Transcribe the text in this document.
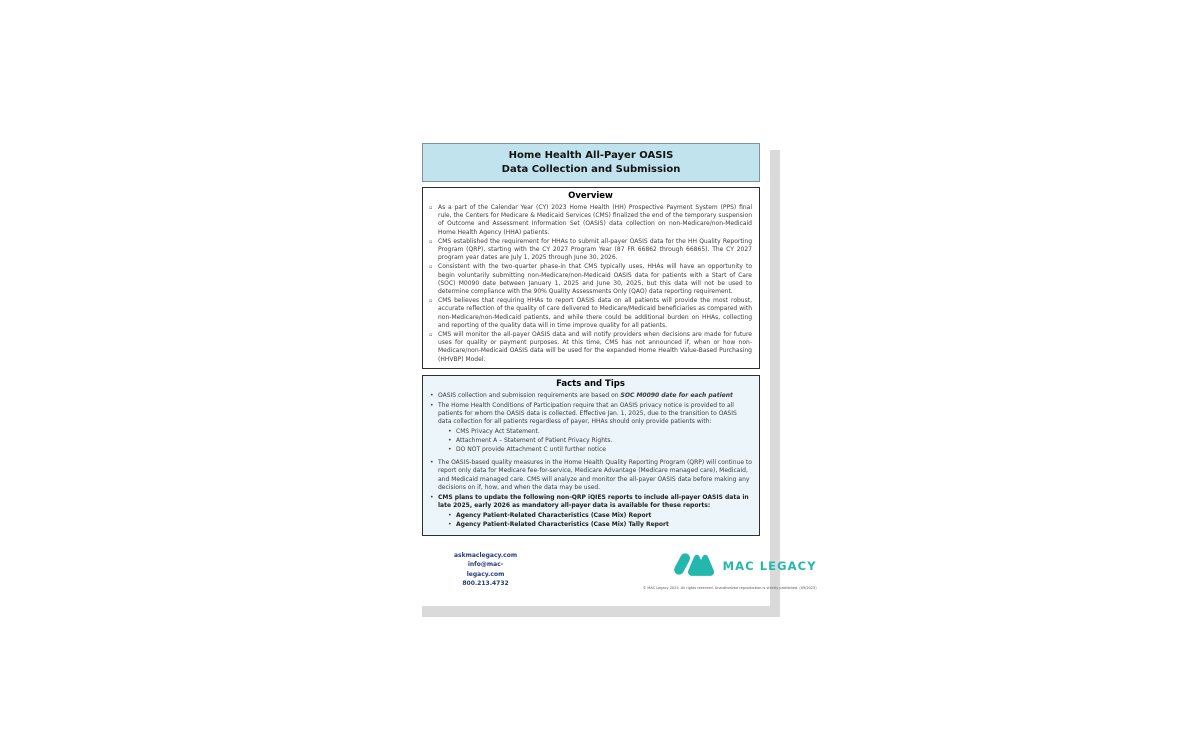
Home Health All-Payer OASIS
Data Collection and Submission
Overview
▫ As a part of the Calendar Year (CY) 2023 Home Health (HH) Prospective Payment System (PPS) final rule, the Centers for Medicare & Medicaid Services (CMS) finalized the end of the temporary suspension of Outcome and Assessment Information Set (OASIS) data collection on non-Medicare/non-Medicaid Home Health Agency (HHA) patients.
▫ CMS established the requirement for HHAs to submit all-payer OASIS data for the HH Quality Reporting Program (QRP), starting with the CY 2027 Program Year (87 FR 66862 through 66865). The CY 2027 program year dates are July 1, 2025 through June 30, 2026.
▫ Consistent with the two-quarter phase-in that CMS typically uses, HHAs will have an opportunity to begin voluntarily submitting non-Medicare/non-Medicaid OASIS data for patients with a Start of Care (SOC) M0090 date between January 1, 2025 and June 30, 2025, but this data will not be used to determine compliance with the 90% Quality Assessments Only (QAO) data reporting requirement.
▫ CMS believes that requiring HHAs to report OASIS data on all patients will provide the most robust, accurate reflection of the quality of care delivered to Medicare/Medicaid beneficiaries as compared with non-Medicare/non-Medicaid patients, and while there could be additional burden on HHAs, collecting and reporting of the quality data will in time improve quality for all patients.
▫ CMS will monitor the all-payer OASIS data and will notify providers when decisions are made for future uses for quality or payment purposes. At this time, CMS has not announced if, when or how non-Medicare/non-Medicaid OASIS data will be used for the expanded Home Health Value-Based Purchasing (HHVBP) Model.
Facts and Tips
• OASIS collection and submission requirements are based on SOC M0090 date for each patient
• The Home Health Conditions of Participation require that an OASIS privacy notice is provided to all patients for whom the OASIS data is collected. Effective Jan. 1, 2025, due to the transition to OASIS data collection for all patients regardless of payer, HHAs should only provide patients with:
• CMS Privacy Act Statement.
• Attachment A – Statement of Patient Privacy Rights.
• DO NOT provide Attachment C until further notice
• The OASIS-based quality measures in the Home Health Quality Reporting Program (QRP) will continue to report only data for Medicare fee-for-service, Medicare Advantage (Medicare managed care), Medicaid, and Medicaid managed care. CMS will analyze and monitor the all-payer OASIS data before making any decisions on if, how, and when the data may be used.
• CMS plans to update the following non-QRP iQIES reports to include all-payer OASIS data in late 2025, early 2026 as mandatory all-payer data is available for these reports:
• Agency Patient-Related Characteristics (Case Mix) Report
• Agency Patient-Related Characteristics (Case Mix) Tally Report
askmaclegacy.com
info@mac-legacy.com
800.213.4732
MAC LEGACY
© MAC Legacy 2025. All rights reserved. Unauthorized reproduction is strictly prohibited. (09/2025)
